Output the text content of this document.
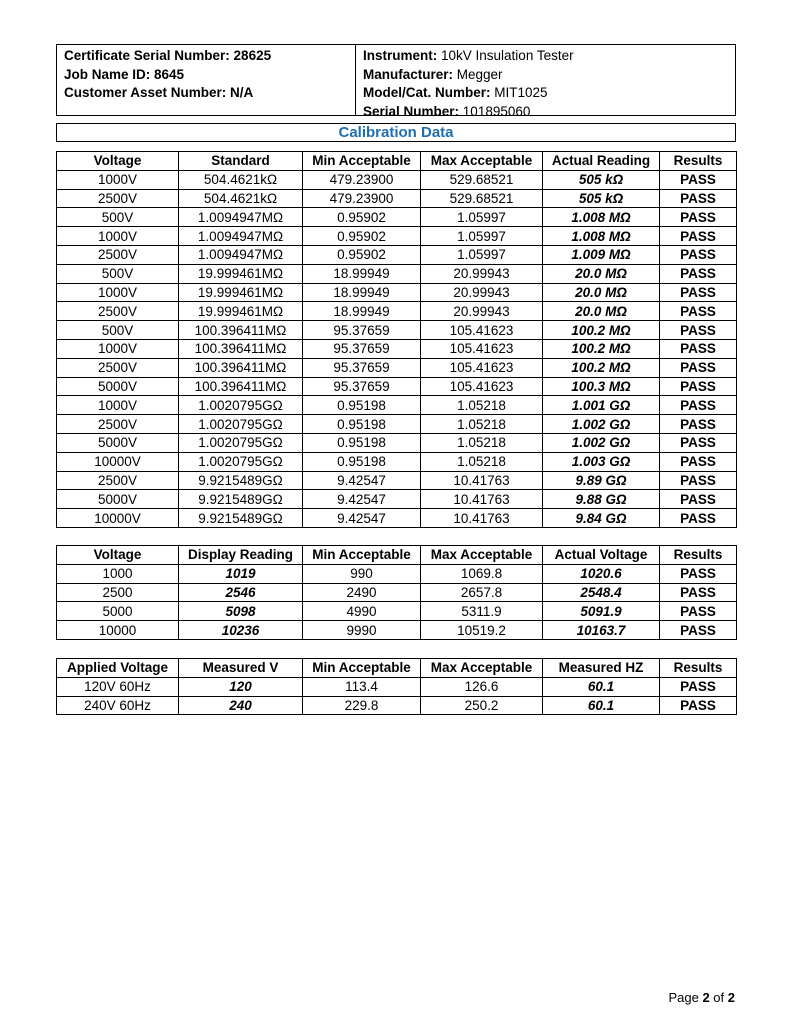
Certificate Serial Number: 28625
Job Name ID: 8645
Customer Asset Number: N/A
Instrument: 10kV Insulation Tester
Manufacturer: Megger
Model/Cat. Number: MIT1025
Serial Number: 101895060
Calibration Data
Voltage	Standard	Min Acceptable	Max Acceptable	Actual Reading	Results
1000V	504.4621kΩ	479.23900	529.68521	505 kΩ	PASS
2500V	504.4621kΩ	479.23900	529.68521	505 kΩ	PASS
500V	1.0094947MΩ	0.95902	1.05997	1.008 MΩ	PASS
1000V	1.0094947MΩ	0.95902	1.05997	1.008 MΩ	PASS
2500V	1.0094947MΩ	0.95902	1.05997	1.009 MΩ	PASS
500V	19.999461MΩ	18.99949	20.99943	20.0 MΩ	PASS
1000V	19.999461MΩ	18.99949	20.99943	20.0 MΩ	PASS
2500V	19.999461MΩ	18.99949	20.99943	20.0 MΩ	PASS
500V	100.396411MΩ	95.37659	105.41623	100.2 MΩ	PASS
1000V	100.396411MΩ	95.37659	105.41623	100.2 MΩ	PASS
2500V	100.396411MΩ	95.37659	105.41623	100.2 MΩ	PASS
5000V	100.396411MΩ	95.37659	105.41623	100.3 MΩ	PASS
1000V	1.0020795GΩ	0.95198	1.05218	1.001 GΩ	PASS
2500V	1.0020795GΩ	0.95198	1.05218	1.002 GΩ	PASS
5000V	1.0020795GΩ	0.95198	1.05218	1.002 GΩ	PASS
10000V	1.0020795GΩ	0.95198	1.05218	1.003 GΩ	PASS
2500V	9.9215489GΩ	9.42547	10.41763	9.89 GΩ	PASS
5000V	9.9215489GΩ	9.42547	10.41763	9.88 GΩ	PASS
10000V	9.9215489GΩ	9.42547	10.41763	9.84 GΩ	PASS
Voltage	Display Reading	Min Acceptable	Max Acceptable	Actual Voltage	Results
1000	1019	990	1069.8	1020.6	PASS
2500	2546	2490	2657.8	2548.4	PASS
5000	5098	4990	5311.9	5091.9	PASS
10000	10236	9990	10519.2	10163.7	PASS
Applied Voltage	Measured V	Min Acceptable	Max Acceptable	Measured HZ	Results
120V 60Hz	120	113.4	126.6	60.1	PASS
240V 60Hz	240	229.8	250.2	60.1	PASS
Page 2 of 2
